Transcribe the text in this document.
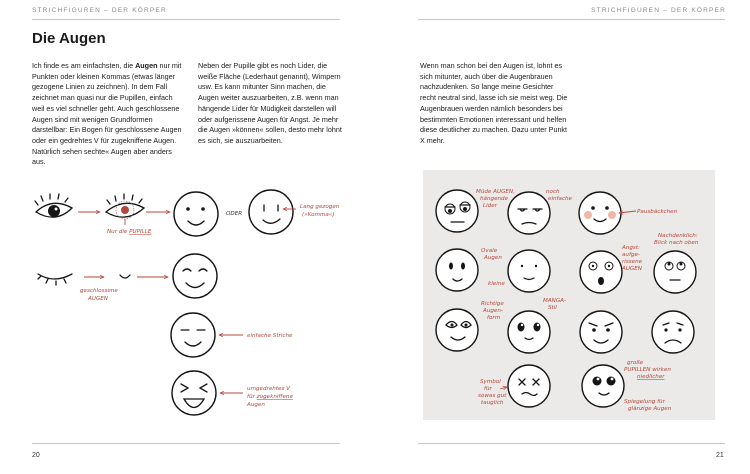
STRICHFIGUREN – DER KÖRPER	STRICHFIGUREN – DER KÖRPER
Die Augen

Ich finde es am einfachsten, die Augen nur mit Punkten oder kleinen Kommas (etwas länger gezogene Linien zu zeichnen). In dem Fall zeichnet man quasi nur die Pupillen, einfach weil es viel schneller geht. Auch geschlossene Augen sind mit wenigen Grundformen darstellbar: Ein Bogen für geschlossene Augen oder ein gedrehtes V für zugekniffene Augen. Natürlich sehen sechte« Augen aber anders aus.

Neben der Pupille gibt es noch Lider, die weiße Fläche (Lederhaut genannt), Wimpern usw. Es kann mitunter Sinn machen, die Augen weiter auszuarbeiten, z.B. wenn man hängende Lider für Müdigkeit darstellen will oder aufgerissene Augen für Angst. Je mehr die Augen »können« sollen, desto mehr lohnt es sich, sie auszuarbeiten.

Wenn man schon bei den Augen ist, lohnt es sich mitunter, auch über die Augenbrauen nachzudenken. So lange meine Gesichter recht neutral sind, lasse ich sie meist weg. Die Augenbrauen werden nämlich besonders bei bestimmten Emotionen interessant und helfen diese deutlicher zu machen. Dazu unter Punkt X mehr.

20	21
Nur die PUPILLE
ODER
Lang gezogen
(»Komma«)
geschlossene
AUGEN
einfache Striche
umgedrehtes V
für zugekniffene
Augen
Müde AUGEN,
hängende
Lider
noch
einfache
Pausbäckchen
Ovale
Augen
kleine
Angst:
aufge-
rissene
AUGEN
Nachdenklich:
Blick nach oben
Richtige
Augen-
form
MANGA-
Stil
Symbol
für
sowas gut
tauglich
große
PUPILLEN wirken
niedlicher
Spiegelung für
glänzige Augen
